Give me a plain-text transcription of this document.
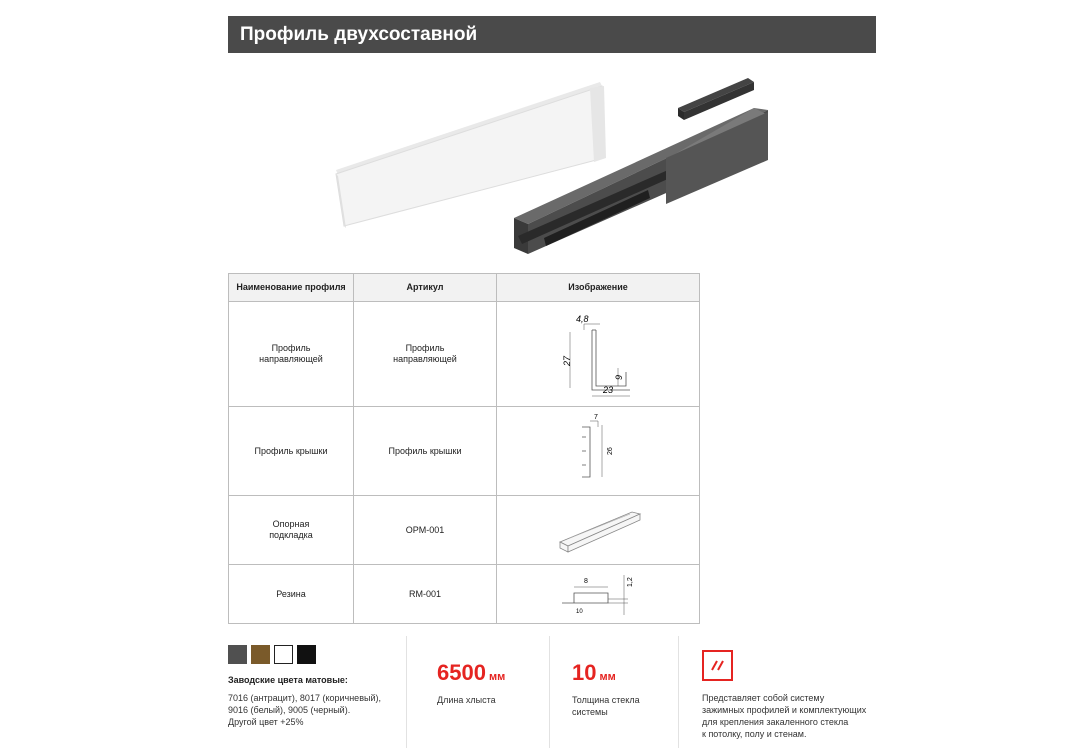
Профиль двухсоставной
Наименование профиля	Артикул	Изображение
Профиль направляющей	Профиль направляющей	4,8
27
9
23

Профиль крышки	Профиль крышки	7
26

Опорная подкладка	OPM-001	
Резина	RM-001	8 1,2
10
Заводские цвета матовые:
7016 (антрацит), 8017 (коричневый),
9016 (белый), 9005 (черный).
Другой цвет +25%
6500 мм
Длина хлыста
10 мм
Толщина стекла
системы
Представляет собой систему
зажимных профилей и комплектующих
для крепления закаленного стекла
к потолку, полу и стенам.
